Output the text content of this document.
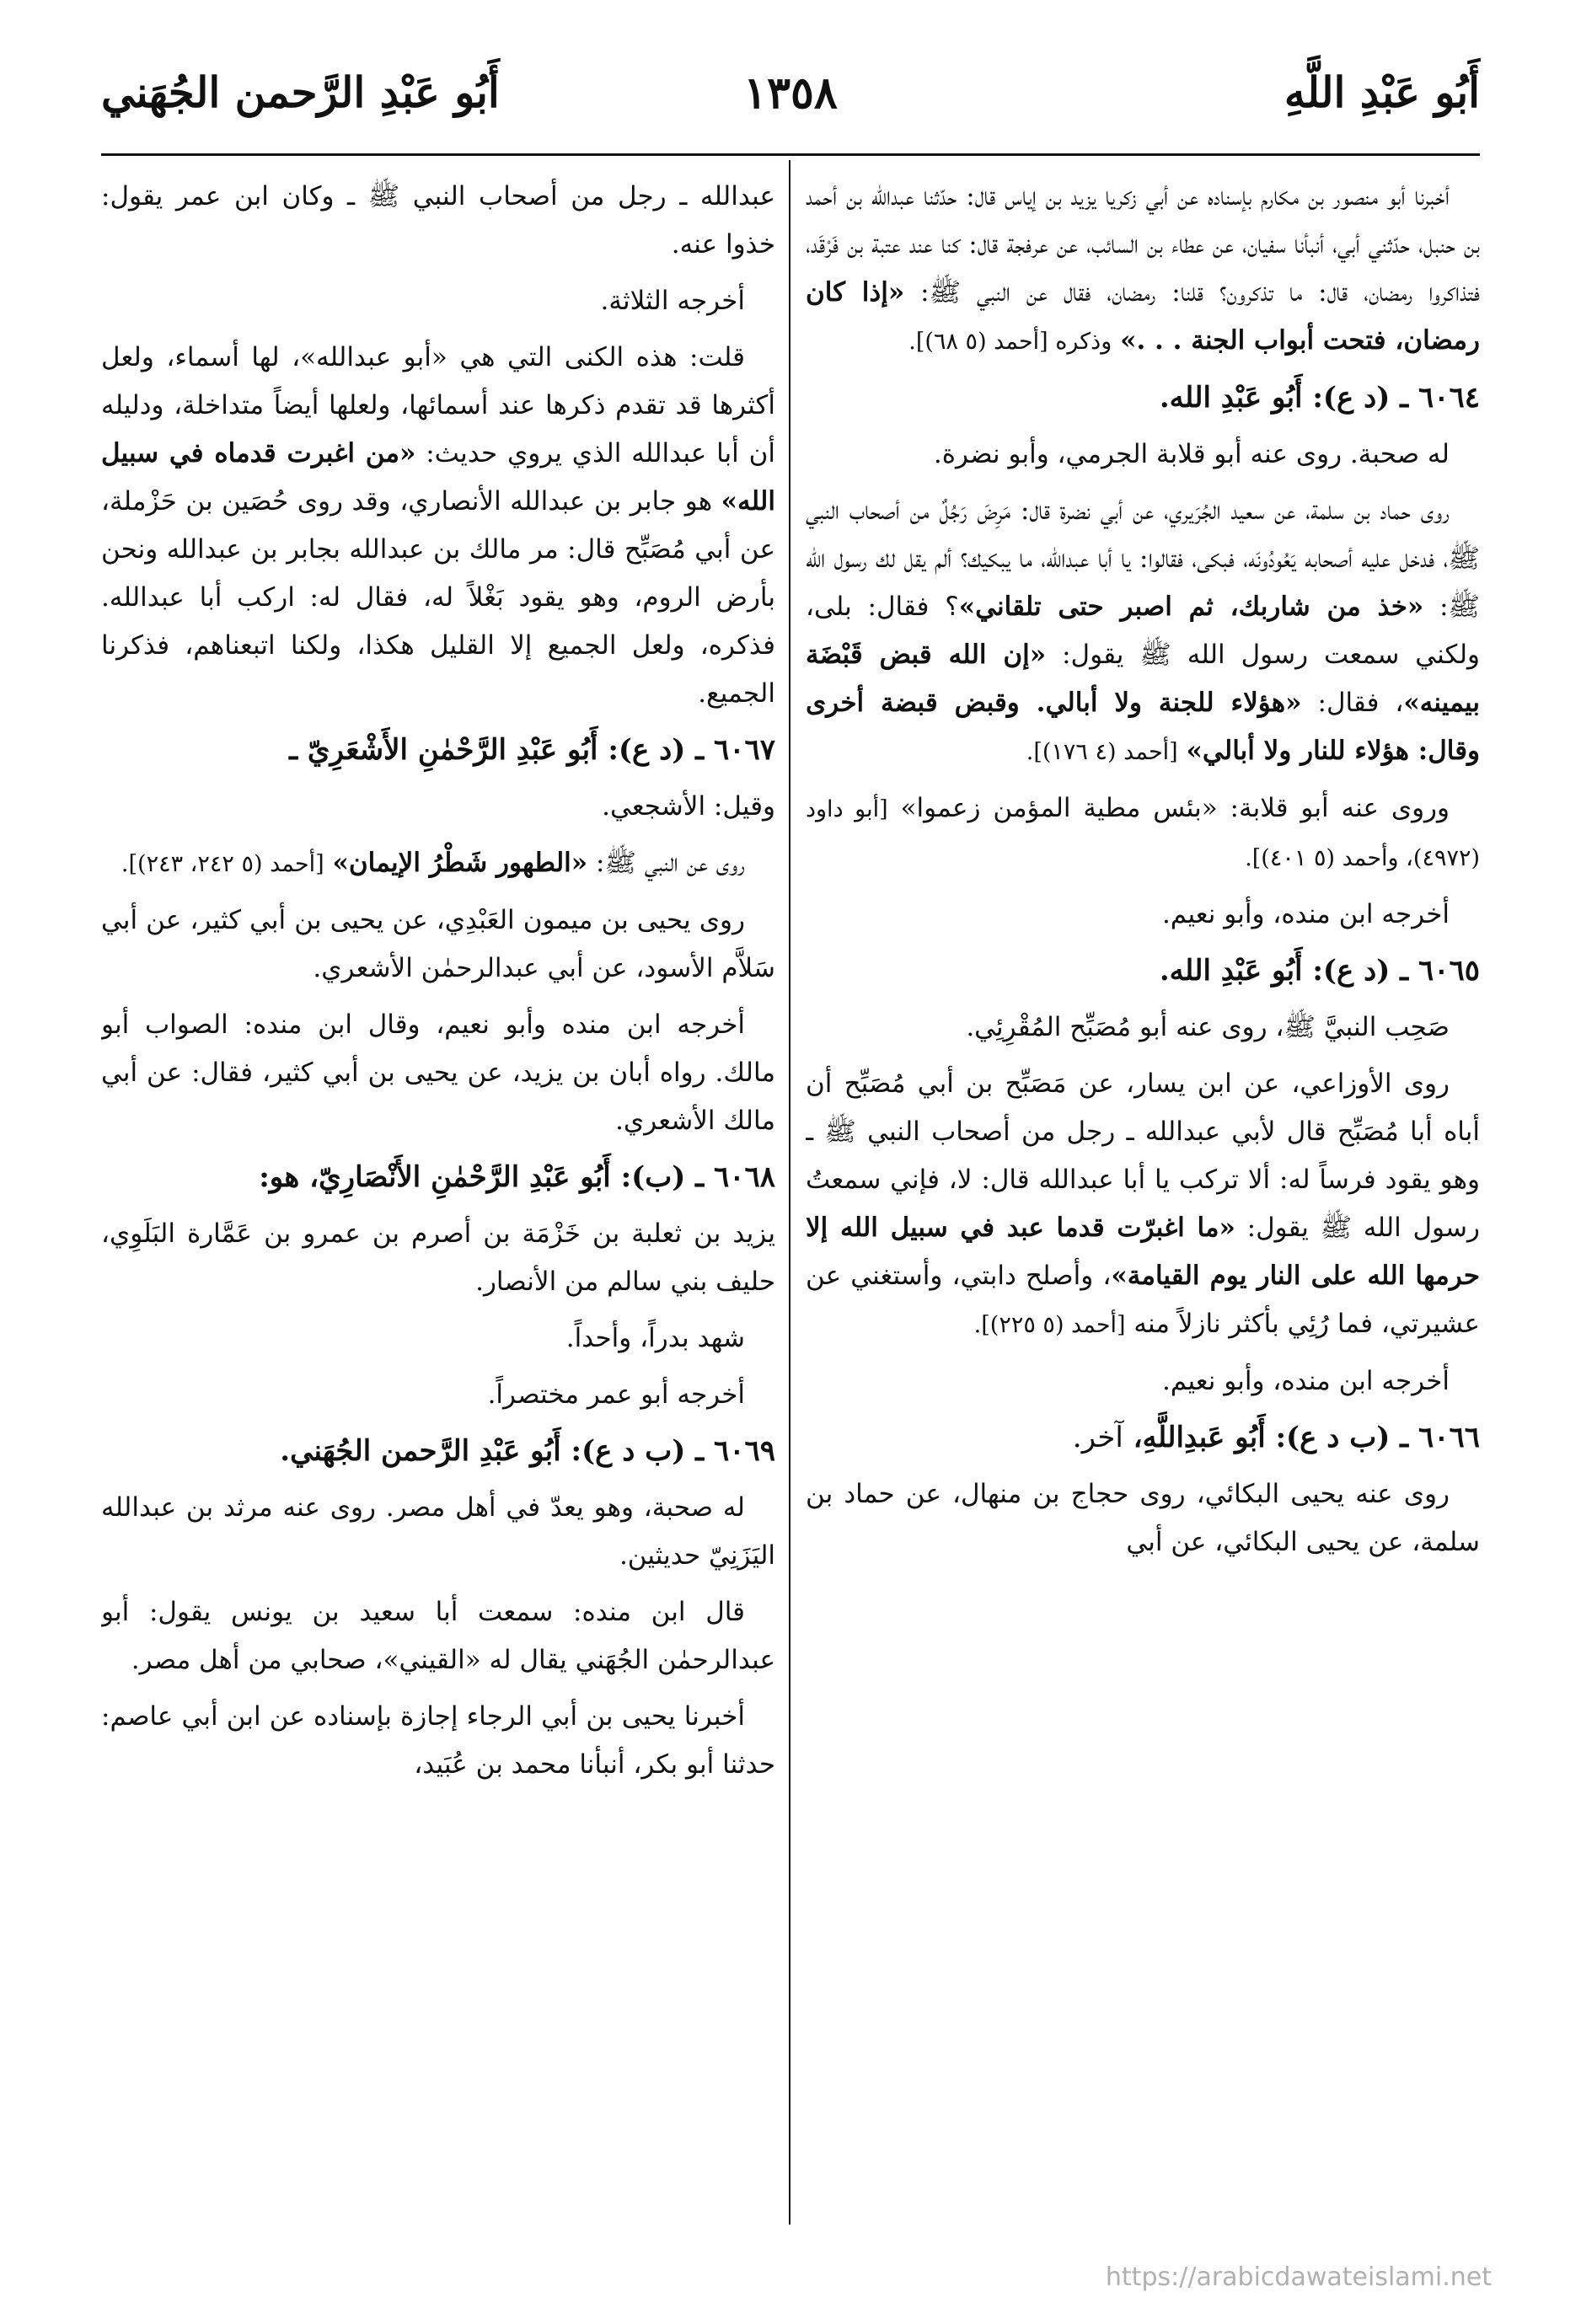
أَبُو عَبْدِ اللَّهِ
١٣٥٨
أَبُو عَبْدِ الرَّحمن الجُهَني

أخبرنا أبو منصور بن مكارم بإسناده عن أبي زكريا يزيد بن إياس قال: حدّثنا عبدالله بن أحمد بن حنبل، حدّثني أبي، أنبأنا سفيان، عن عطاء بن السائب، عن عرفجة قال: كنا عند عتبة بن فَرْقَد، فتذاكروا رمضان، قال: ما تذكرون؟ قلنا: رمضان، فقال عن النبي ﷺ: «إذا كان رمضان، فتحت أبواب الجنة . . .» وذكره [أحمد (٥ ٦٨)].

٦٠٦٤ ـ (د ع): أَبُو عَبْدِ الله.

له صحبة. روى عنه أبو قلابة الجرمي، وأبو نضرة.

روى حماد بن سلمة، عن سعيد الجُرَيري، عن أبي نضرة قال: مَرِضَ رَجُلٌ من أصحاب النبي ﷺ، فدخل عليه أصحابه يَعُودُونَه، فبكى، فقالوا: يا أبا عبدالله، ما يبكيك؟ ألم يقل لك رسول الله ﷺ: «خذ من شاربك، ثم اصبر حتى تلقاني»؟ فقال: بلى، ولكني سمعت رسول الله ﷺ يقول: «إن الله قبض قَبْضَة بيمينه»، فقال: «هؤلاء للجنة ولا أبالي. وقبض قبضة أخرى وقال: هؤلاء للنار ولا أبالي» [أحمد (٤ ١٧٦)].

وروى عنه أبو قلابة: «بئس مطية المؤمن زعموا» [أبو داود (٤٩٧٢)، وأحمد (٥ ٤٠١)].

أخرجه ابن منده، وأبو نعيم.

٦٠٦٥ ـ (د ع): أَبُو عَبْدِ الله.

صَحِب النبيَّ ﷺ، روى عنه أبو مُصَبِّح المُقْرِئِي.

روى الأوزاعي، عن ابن يسار، عن مَصَبِّح بن أبي مُصَبِّح أن أباه أبا مُصَبِّح قال لأبي عبدالله ـ رجل من أصحاب النبي ﷺ ـ وهو يقود فرساً له: ألا تركب يا أبا عبدالله قال: لا، فإني سمعتُ رسول الله ﷺ يقول: «ما اغبرّت قدما عبد في سبيل الله إلا حرمها الله على النار يوم القيامة»، وأصلح دابتي، وأستغني عن عشيرتي، فما رُئِي بأكثر نازلاً منه [أحمد (٥ ٢٢٥)].

أخرجه ابن منده، وأبو نعيم.

٦٠٦٦ ـ (ب د ع): أَبُو عَبدِاللَّهِ، آخر.

روى عنه يحيى البكائي، روى حجاج بن منهال، عن حماد بن سلمة، عن يحيى البكائي، عن أبي

عبدالله ـ رجل من أصحاب النبي ﷺ ـ وكان ابن عمر يقول: خذوا عنه.

أخرجه الثلاثة.

قلت: هذه الكنى التي هي «أبو عبدالله»، لها أسماء، ولعل أكثرها قد تقدم ذكرها عند أسمائها، ولعلها أيضاً متداخلة، ودليله أن أبا عبدالله الذي يروي حديث: «من اغبرت قدماه في سبيل الله» هو جابر بن عبدالله الأنصاري، وقد روى حُصَين بن حَزْملة، عن أبي مُصَبِّح قال: مر مالك بن عبدالله بجابر بن عبدالله ونحن بأرض الروم، وهو يقود بَغْلاً له، فقال له: اركب أبا عبدالله. فذكره، ولعل الجميع إلا القليل هكذا، ولكنا اتبعناهم، فذكرنا الجميع.

٦٠٦٧ ـ (د ع): أَبُو عَبْدِ الرَّحْمٰنِ الأَشْعَرِيّ ـ

وقيل: الأشجعي.

روى عن النبي ﷺ: «الطهور شَطْرُ الإيمان» [أحمد (٥ ٢٤٢، ٢٤٣)].

روى يحيى بن ميمون العَبْدِي، عن يحيى بن أبي كثير، عن أبي سَلاَّم الأسود، عن أبي عبدالرحمٰن الأشعري.

أخرجه ابن منده وأبو نعيم، وقال ابن منده: الصواب أبو مالك. رواه أبان بن يزيد، عن يحيى بن أبي كثير، فقال: عن أبي مالك الأشعري.

٦٠٦٨ ـ (ب): أَبُو عَبْدِ الرَّحْمٰنِ الأَنْصَارِيّ، هو:

يزيد بن ثعلبة بن خَزْمَة بن أصرم بن عمرو بن عَمَّارة البَلَوِي، حليف بني سالم من الأنصار.

شهد بدراً، وأحداً.

أخرجه أبو عمر مختصراً.

٦٠٦٩ ـ (ب د ع): أَبُو عَبْدِ الرَّحمن الجُهَني.

له صحبة، وهو يعدّ في أهل مصر. روى عنه مرثد بن عبدالله اليَزَنِيّ حديثين.

قال ابن منده: سمعت أبا سعيد بن يونس يقول: أبو عبدالرحمٰن الجُهَني يقال له «القيني»، صحابي من أهل مصر.

أخبرنا يحيى بن أبي الرجاء إجازة بإسناده عن ابن أبي عاصم: حدثنا أبو بكر، أنبأنا محمد بن عُبَيد،

https://arabicdawateislami.net
